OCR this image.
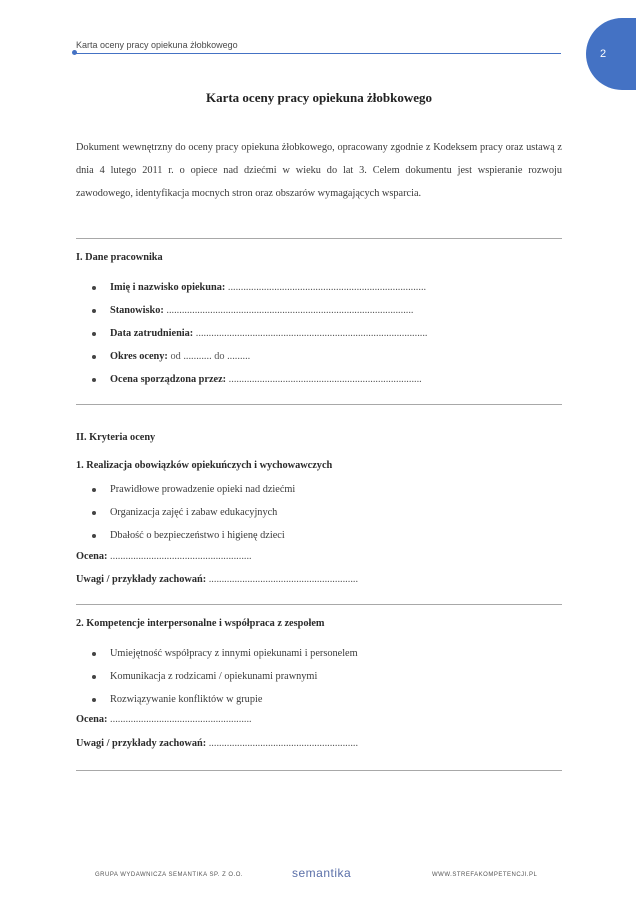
Karta oceny pracy opiekuna żłobkowego
2
Karta oceny pracy opiekuna żłobkowego
Dokument wewnętrzny do oceny pracy opiekuna żłobkowego, opracowany zgodnie z Kodeksem pracy oraz ustawą z dnia 4 lutego 2011 r. o opiece nad dziećmi w wieku do lat 3. Celem dokumentu jest wspieranie rozwoju zawodowego, identyfikacja mocnych stron oraz obszarów wymagających wsparcia.
I. Dane pracownika
Imię i nazwisko opiekuna: .............................................................................
Stanowisko: ................................................................................................
Data zatrudnienia: ..........................................................................................
Okres oceny: od ........... do .........
Ocena sporządzona przez: ...........................................................................
II. Kryteria oceny
1. Realizacja obowiązków opiekuńczych i wychowawczych
Prawidłowe prowadzenie opieki nad dziećmi
Organizacja zajęć i zabaw edukacyjnych
Dbałość o bezpieczeństwo i higienę dzieci
Ocena: .......................................................
Uwagi / przykłady zachowań: ..........................................................
2. Kompetencje interpersonalne i współpraca z zespołem
Umiejętność współpracy z innymi opiekunami i personelem
Komunikacja z rodzicami / opiekunami prawnymi
Rozwiązywanie konfliktów w grupie
Ocena: .......................................................
Uwagi / przykłady zachowań: ..........................................................
GRUPA WYDAWNICZA SEMANTIKA SP. Z O.O.	semantika	WWW.STREFAKOMPETENCJI.PL
